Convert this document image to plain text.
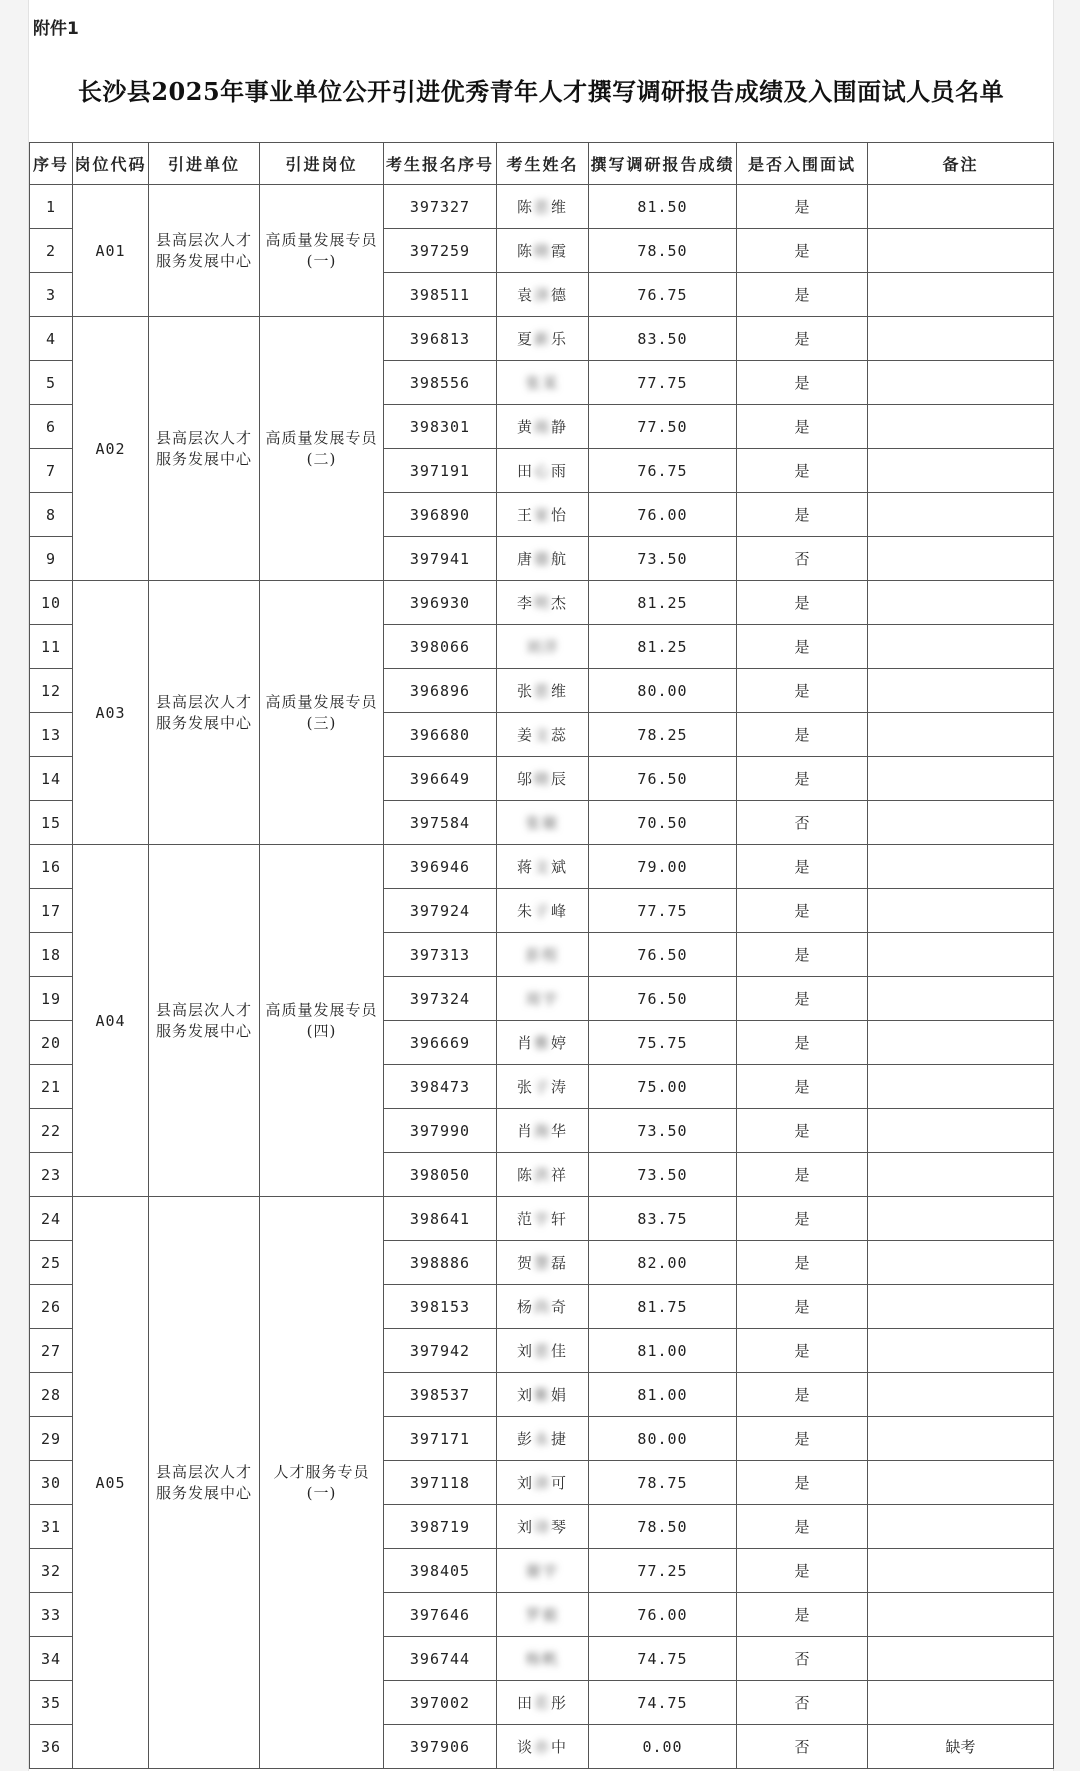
附件1
长沙县2025年事业单位公开引进优秀青年人才撰写调研报告成绩及入围面试人员名单
序号	岗位代码	引进单位	引进岗位	考生报名序号	考生姓名	撰写调研报告成绩	是否入围面试	备注
1	A01	县高层次人才服务发展中心	高质量发展专员(一)	397327	陈思维	81.50	是	
2				397259	陈晓霞	78.50	是	
3				398511	袁泽德	76.75	是	
4	A02	县高层次人才服务发展中心	高质量发展专员(二)	396813	夏新乐	83.50	是	
5				398556	张某	77.75	是	
6				398301	黄雨静	77.50	是	
7				397191	田心雨	76.75	是	
8				396890	王家怡	76.00	是	
9				397941	唐德航	73.50	否	
10	A03	县高层次人才服务发展中心	高质量发展专员(三)	396930	李明杰	81.25	是	
11				398066	刘洋	81.25	是	
12				396896	张思维	80.00	是	
13				396680	姜文蕊	78.25	是	
14				396649	邬晓辰	76.50	是	
15				397584	张敏	70.50	否	
16	A04	县高层次人才服务发展中心	高质量发展专员(四)	396946	蒋文斌	79.00	是	
17				397924	朱子峰	77.75	是	
18				397313	彭程	76.50	是	
19				397324	周宇	76.50	是	
20				396669	肖雅婷	75.75	是	
21				398473	张子涛	75.00	是	
22				397990	肖海华	73.50	是	
23				398050	陈洪祥	73.50	是	
24	A05	县高层次人才服务发展中心	人才服务专员(一)	398641	范宇轩	83.75	是	
25				398886	贺慧磊	82.00	是	
26				398153	杨尚奇	81.75	是	
27				397942	刘思佳	81.00	是	
28				398537	刘紫娟	81.00	是	
29				397171	彭永捷	80.00	是	
30				397118	刘沛可	78.75	是	
31				398719	刘诗琴	78.50	是	
32				398405	谢宇	77.25	是	
33				397646	罗毅	76.00	是	
34				396744	杨帆	74.75	否	
35				397002	田若彤	74.75	否	
36				397906	谈亦中	0.00	否	缺考
